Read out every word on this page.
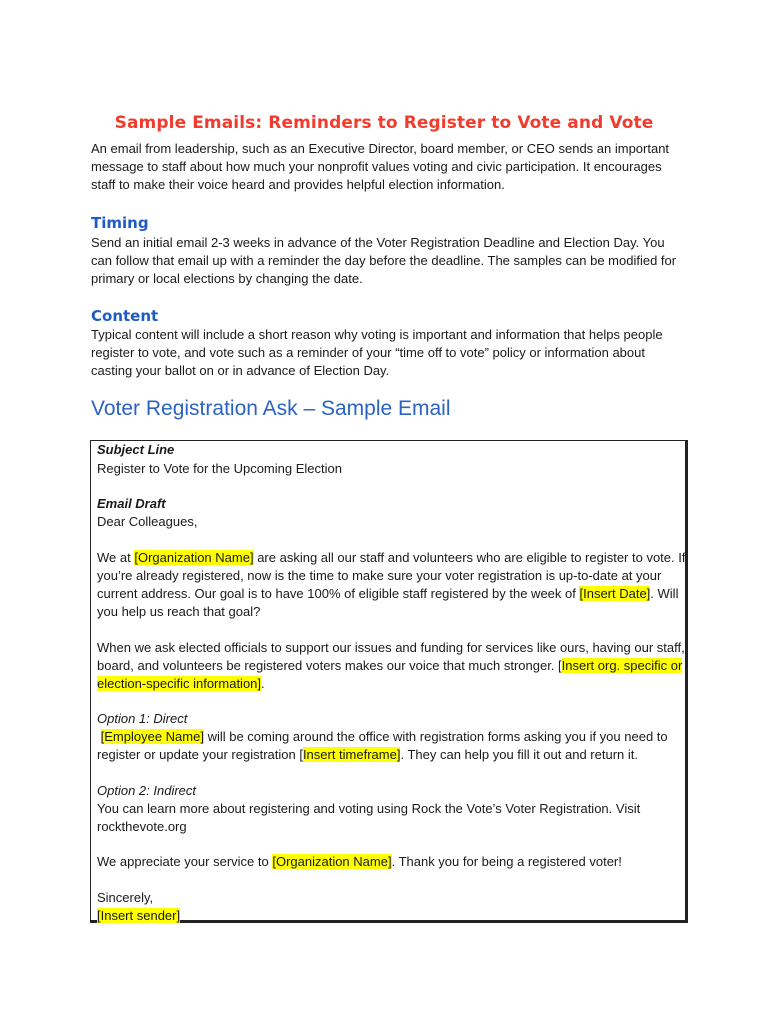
Sample Emails: Reminders to Register to Vote and Vote
An email from leadership, such as an Executive Director, board member, or CEO sends an important
message to staff about how much your nonprofit values voting and civic participation. It encourages
staff to make their voice heard and provides helpful election information.
Timing
Send an initial email 2-3 weeks in advance of the Voter Registration Deadline and Election Day. You
can follow that email up with a reminder the day before the deadline. The samples can be modified for
primary or local elections by changing the date.
Content
Typical content will include a short reason why voting is important and information that helps people
register to vote, and vote such as a reminder of your “time off to vote” policy or information about
casting your ballot on or in advance of Election Day.
Voter Registration Ask – Sample Email
Subject Line
Register to Vote for the Upcoming Election
Email Draft
Dear Colleagues,
We at [Organization Name] are asking all our staff and volunteers who are eligible to register to vote. If
you’re already registered, now is the time to make sure your voter registration is up-to-date at your
current address. Our goal is to have 100% of eligible staff registered by the week of [Insert Date]. Will
you help us reach that goal?
When we ask elected officials to support our issues and funding for services like ours, having our staff,
board, and volunteers be registered voters makes our voice that much stronger. [Insert org. specific or
election-specific information].
Option 1: Direct
[Employee Name] will be coming around the office with registration forms asking you if you need to
register or update your registration [Insert timeframe]. They can help you fill it out and return it.
Option 2: Indirect
You can learn more about registering and voting using Rock the Vote’s Voter Registration. Visit
rockthevote.org
We appreciate your service to [Organization Name]. Thank you for being a registered voter!
Sincerely,
[Insert sender]
